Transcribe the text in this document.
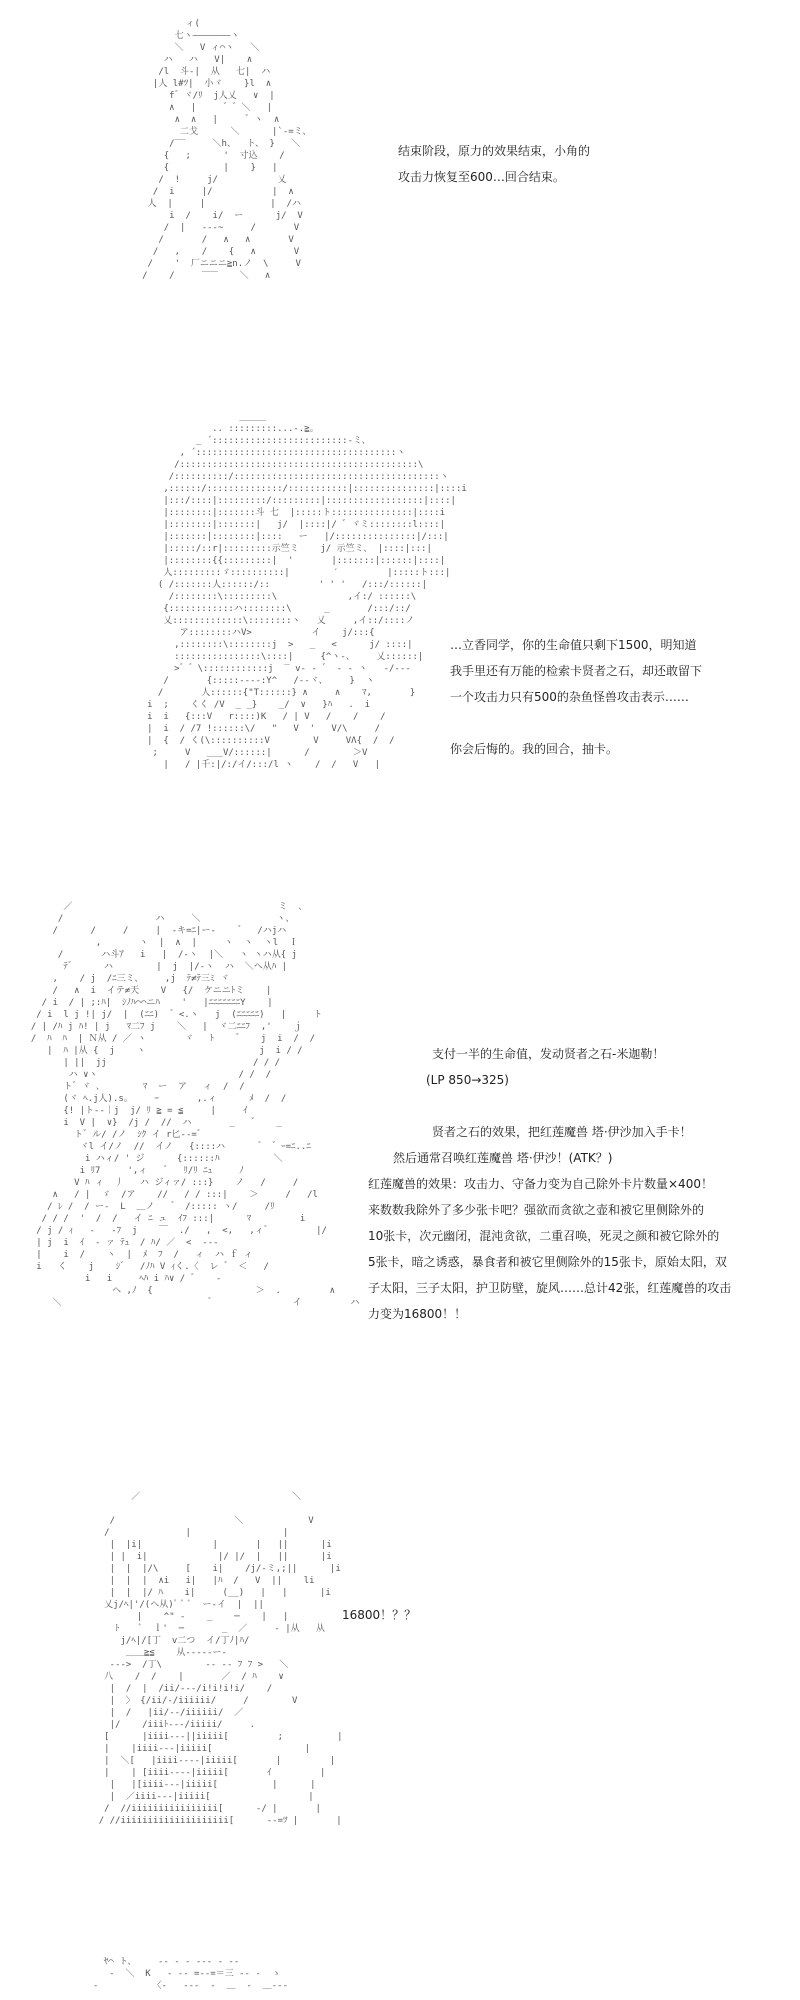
ィ(
七ヽ———————ヽ
＼   V ィ⌒ヽ   ＼
ハ   ハ   V|    ∧
/l  斗-|  从   七|  ハ
|人 l#ﾂ|  小ヾ    }l  ∧
f゛ヾ/ﾘ  j人乂   ∨  |
∧   |     ゛゛＼   |
∧  ∧   |     ゛ヽ  ∧
二戈      ＼      |`‐=ミ、
/‾‾     ＼h、  ト、 }   ＼
{   ;      '  寸込    /
{          |    }   |
/  !     j/           乂
/  i     |/           |  ∧
人  |     |            |  /ハ
i  /    i/  ー      j/  V
/  |   ‐‐‐~     /       V
/       /   ∧   ∧       V
/   ,    /    {   ∧       V
/    '  厂ニニニ≧n.ノ  \     V
/    /     ‾‾‾    ＼   ∧
结束阶段，原力的效果结束，小角的
攻击力恢复至600…回合结束。
_____
.. :::::::::...-.≧｡
_ ´:::::::::::::::::::::::::-ミ、
, ´:::::::::::::::::::::::::::::::::::::ヽ
/::::::::::::::::::::::::::::::::::::::::::::\
/::::::::::/::::::::::::::::::::::::::::::::::::::ヽ
,::::::/::::::::::::::/:::::::::::|:::::::::::::::|::::i
|:::/::::|:::::::::/:::::::::|::::::::::::::::::|::::|
|::::::::|:::::::斗 七  |:::::ト:::::::::::::::|::::i
|::::::::|:::::::|   j/  |::::|/ ゛ヾミ::::::::l::::|
|:::::::|::::::::|::::   ー   |/:::::::::::::::|/:::|
|:::::/::r|:::::::::示竺ミ    j/ 示竺ミ、 |::::|:::|
|::::::::{{:::::::::|  '       |:::::::|::::::|::::|
人:::::::::ゞ::::::::::|        ′         |:::::ト:::|
( /:::::::人::::::/::         ' ' '   /:::/::::::|
/::::::::\:::::::::\             ,イ:/ ::::::\
{::::::::::::ハ::::::::\      _       /:::/::/
乂:::::::::::::\::::::::ヽ   乂     ,イ::/::::ノ
ア::::::::ハV>           イ    j/:::{
,::::::::\::::::::j  >   _   <      j/ ::::|
::::::::::::::::\::::|     {^ヽ‐、    乂::::::|
>゛゛\::::::::::::j  ‾ v‐ ‐ ゛ ‐ ‐ ヽ   -/-‐‐
/       {:::::‐‐‐‐:Y^   /‐‐ヾ、    }  ヽ
/       人::::::{"T::::::} ∧     ∧    ﾏ,       }
i  ;    くく /V  _ _}    _/  ∨   }ﾊ   .  i
i  i   {:::V   r::::)K   / | V   /    /    /
|  i  / /7 !::::::\/   "   V  '   V/\     /
|  {  / く(\::::::::::V        V     VΛ{  /  /
;     V   ___V/::::::|      /        ＞V
|   / |千:|/:/イ/:::/l ヽ    /  /   V   |
…立香同学，你的生命值只剩下1500，明知道
我手里还有万能的检索卡贤者之石，却还敢留下
一个攻击力只有500的杂鱼怪兽攻击表示……

你会后悔的。我的回合，抽卡。
／                                      ミ  、
/                 ハ     ＼              ヽ、
/      /     /     |  ‐キ=ﾆ|ー‐    ゛  /ハjハ
,       ヽ  |  ∧  |     ヽ  ヽ  ヽl  Ｉ
/       ハ斗ｱ   i   |  /‐ヽ  |＼   ヽ ヽハ从{ j
ﾃ゛     ハ        |  j  |/‐ヽ  ハ  ＼へ从ﾊ |
,    / j  /ﾆ三ミ、    ,j  ﾃ≠ﾃ三ﾐ ヾ
/   ∧  i  イテ≠天    V   {/  ケニニﾄミ    |
/ i  / | ;:ﾊ|  ｼﾉﾊ⌒⌒ニﾊ    '   |ﾆﾆﾆﾆﾆﾆﾆY    |
/ i  l j !| j/  |  (ﾆﾆ)  ゛<.ヽ   j  (ﾆﾆﾆﾆﾆ)   |     ト
/ | /ﾊ j ﾊ! | j   ﾏ二ﾌ j    ＼   |  ヾ二ﾆﾆﾌ  ,'    ｊ
/  ﾊ  ﾊ  | Ｎ从 / ／ ヽ       ヾ   ﾄ    ゛   j  i  /  /
|  ﾊ |从 {  j    ヽ                     j  i / /
| ||  jj                           / / /
ハ ∨ヽ                          / /  /
ト゛ヾ 、       ﾏ  ー  ア   ィ  /  /
(ヾ ﾍ.j人).s。    ｰ       ,.ィ      ﾒ  /  /
{! |ト‐‐｜j  j/ ﾘ ≧ = ≦     |     ｲ
i  V |  ∨}  /j /  //  ハ       _   ゛   _
ト゛ル/ /ノ  ｼｸ イ r匕‐‐=゛
ヾl イ/ノ  //  イノ   {::::ハ      ゛ ゛ｰ=ﾆ..ﾆ
i ハィ/ ' ジ      {::::::ﾊ          ＼
i ﾘ7     ',ィ   ゛  ﾘ/ﾘ ﾆｭ     ﾉ
V ﾊ ィ  丿   ハ ジィァ/ :::}    ノ   /     /
∧   / |  ゞ  /ア    //   / / :::|    ＞     /   /l
/ ﾚ /  / ー‐  L  ＿ノ   ゛ /::::: ヽ/     /ﾘ
/ / /  '  /  /   イ ﾆ ュ  ｲﾌ :::|      ﾏ         i
/ j / ｨ   ‐   ‐ﾌ  j    ￣  ./   ,  <,   ,ィ゛        |/
| j  i  ｲ  - ァ ﾃｭ  / ﾊ/ ／  <  ‐‐‐
|    i  /    ヽ  |  ﾒ  ﾌ  /   ィ  ハ ｆ ィ
i   く    j    ｼ゛  /ﾉﾊ V ｨく.〈  レ ゛ ＜   /
i   i     ﾍﾊ i ﾊ∨ / ゛   ‐
ヘ ,ﾉ  {                   ＞  .         ∧
＼                           ゛              イ         ハ
支付一半的生命值，发动贤者之石-米迦勒！
(LP 850→325)

贤者之石的效果，把红莲魔兽 塔·伊沙加入手卡！
然后通常召唤红莲魔兽 塔·伊沙！(ATK？)
红莲魔兽的效果：攻击力、守备力变为自己除外卡片数量×400！
来数数我除外了多少张卡吧？强欲而贪欲之壶和被它里侧除外的
10张卡，次元幽闭，混沌贪欲，二重召唤，死灵之颜和被它除外的
5张卡，暗之诱惑，暴食者和被它里侧除外的15张卡，原始太阳，双
子太阳，三子太阳，护卫防壁，旋风……总计42张，红莲魔兽的攻击
力变为16800！！
／                            ＼

/                      ＼            V
/              |                 |
|  |i|             |       |   ||      |i
| |  i|             |/ |/  |   ||      |i
|  |  |/\     [    i|    /j/‐ミ,;||      |i
|  |  |  ∧i   i|   |ﾊ  /   V  ||    li
|  |  |/ ﾊ    i|     (__)   |   |      |i
乂j/ﾍ|'/(ヘ从)ﾟ ﾞ ﾞ  ー‐イ  |  ||
|    ^" ‐    _    ─    |   |
ﾄ    ﾞ  ｌ'  ─       _  ／     ‐ |从   从
j/ﾍ|/[丁  v二つ  イ/丁ﾉ|ﾊ/
＿＿≧≦    从‐‐‐‐‐ー‐
‐‐‐>  /丁\        ‐‐ ‐‐ ﾌ ﾌ >   ＼
八    /  /    |       ／  / ﾊ    ∨
|  /  |  /ii/‐‐‐/i!i!i!i/    /
|  〉 {/ii/‐/iiiiii/     /        V
|  /   |ii/‐‐/iiiiii/  ／
|/    /iiiﾄ‐‐‐/iiiii/     .
[      |iiii‐‐‐||iiiii[         ;          |
|    |iiii‐‐‐|iiiii[                 |
|  ＼[   |iiii‐‐‐‐|iiiii[       |         |
|    | [iiii‐‐‐‐|iiiii[       ｲ         |
|   |[iiii‐‐‐|iiiii[          |      |
|  ／iiii‐‐‐|iiiii[                  |
/  //iiiiiiiiiiiiiiii[      ‐/ |       |
/ //iiiiiiiiiiiiiiiiiiii[      ‐‐=ﾂ |       |
16800！？？
ﾔ⌒ ト、    ‐‐ ‐ ‐ ‐‐‐ ‐ ‐‐
‐  ＼  K   ‐ ‐‐ =‐‐=＝三 ‐‐ ‐  ゝ
‐          〈‐   ‐‐‐  ‐  ＿  ‐  ＿‐‐‐
